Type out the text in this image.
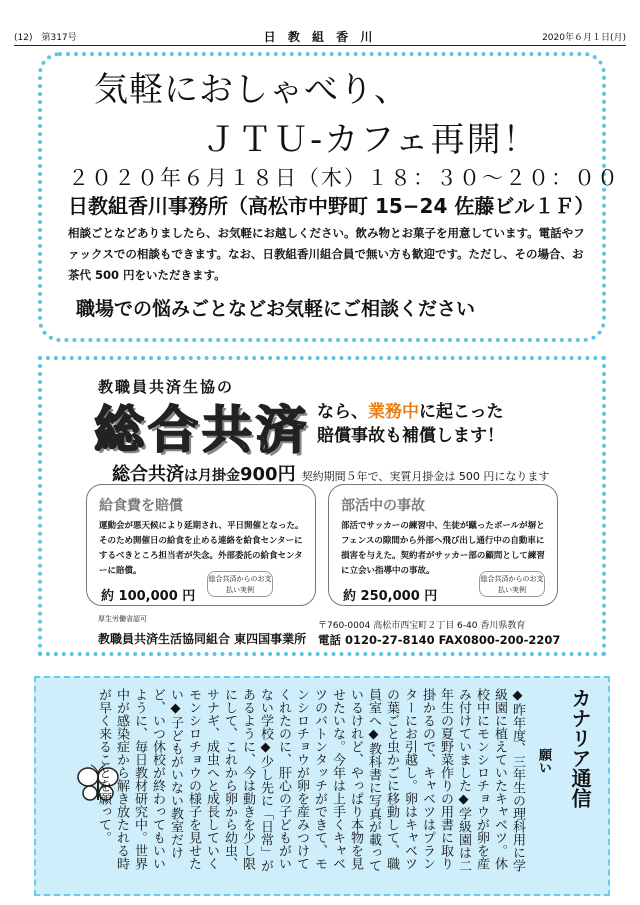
(12)　第317号	日 教 組 香 川	2020年６月１日(月)
気軽におしゃべり、
ＪＴＵ-カフェ再開！
２０２０年６月１８日（木）１８：３０〜２０：００
日教組香川事務所（高松市中野町 15−24 佐藤ビル１Ｆ）
相談ごとなどありましたら、お気軽にお越しください。飲み物とお菓子を用意しています。電話やファックスでの相談もできます。なお、日教組香川組合員で無い方も歓迎です。ただし、その場合、お茶代 500 円をいただきます。
職場での悩みごとなどお気軽にご相談ください
教職員共済生協の
総合共済 なら、業務中に起こった
賠償事故も補償します！
総合共済は月掛金900円 契約期間５年で、実質月掛金は 500 円になります
給食費を賠償
運動会が悪天候により延期され、平日開催となった。そのため開催日の給食を止める連絡を給食センターにするべきところ担当者が失念。外部委託の給食センターに賠償。
約 100,000 円
総合共済からのお支払い実例
部活中の事故
部活でサッカーの練習中、生徒が蹴ったボールが塀とフェンスの隙間から外部へ飛び出し通行中の自動車に損害を与えた。契約者がサッカー部の顧問として練習に立会い指導中の事故。
約 250,000 円
総合共済からのお支払い実例
厚生労働省認可
教職員共済生活協同組合 東四国事業所
〒760-0004 高松市西宝町２丁目 6-40 香川県教育
電話 0120-27-8140 FAX0800-200-2207
カナリア通信
願い
◆昨年度、三年生の理科用に学
級園に植えていたキャベツ。休
校中にモンシロチョウが卵を産
み付けていました◆学級園は二
年生の夏野菜作りの用書に取り
掛かるので、キャベツはプラン
ターにお引越し。卵はキャベツ
の葉ごと虫かごに移動して、職
員室へ◆教科書に写真が載って
いるけれど、やっぱり本物を見
せたいな。今年は上手くキャベ
ツのバトンタッチができて、モ
ンシロチョウが卵を産みつけて
くれたのに、肝心の子どもがい
ない学校◆少し先に「日常」が
あるように、今は動きを少し限
にして、これから卵から幼虫、
サナギ、成虫へと成長していく
モンシロチョウの様子を見せた
い◆子どもがいない教室だけ
ど、いつ休校が終わってもいい
ように、毎日教材研究中。世界
中が感染症から解き放たれる時
が早く来ることを願って。
